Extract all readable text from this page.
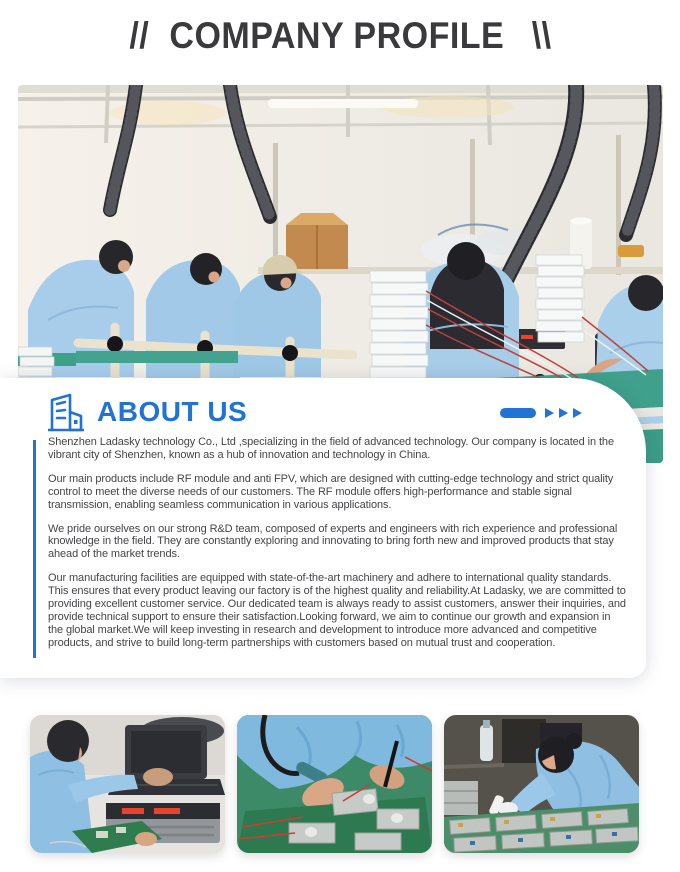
// COMPANY PROFILE \\
ABOUT US

Shenzhen Ladasky technology Co., Ltd ,specializing in the field of advanced technology. Our company is located in the vibrant city of Shenzhen, known as a hub of innovation and technology in China.

Our main products include RF module and anti FPV, which are designed with cutting-edge technology and strict quality control to meet the diverse needs of our customers. The RF module offers high-performance and stable signal transmission, enabling seamless communication in various applications.

We pride ourselves on our strong R&D team, composed of experts and engineers with rich experience and professional knowledge in the field. They are constantly exploring and innovating to bring forth new and improved products that stay ahead of the market trends.

Our manufacturing facilities are equipped with state-of-the-art machinery and adhere to international quality standards. This ensures that every product leaving our factory is of the highest quality and reliability.At Ladasky, we are committed to providing excellent customer service. Our dedicated team is always ready to assist customers, answer their inquiries, and provide technical support to ensure their satisfaction.Looking forward, we aim to continue our growth and expansion in the global market.We will keep investing in research and development to introduce more advanced and competitive products, and strive to build long-term partnerships with customers based on mutual trust and cooperation.
